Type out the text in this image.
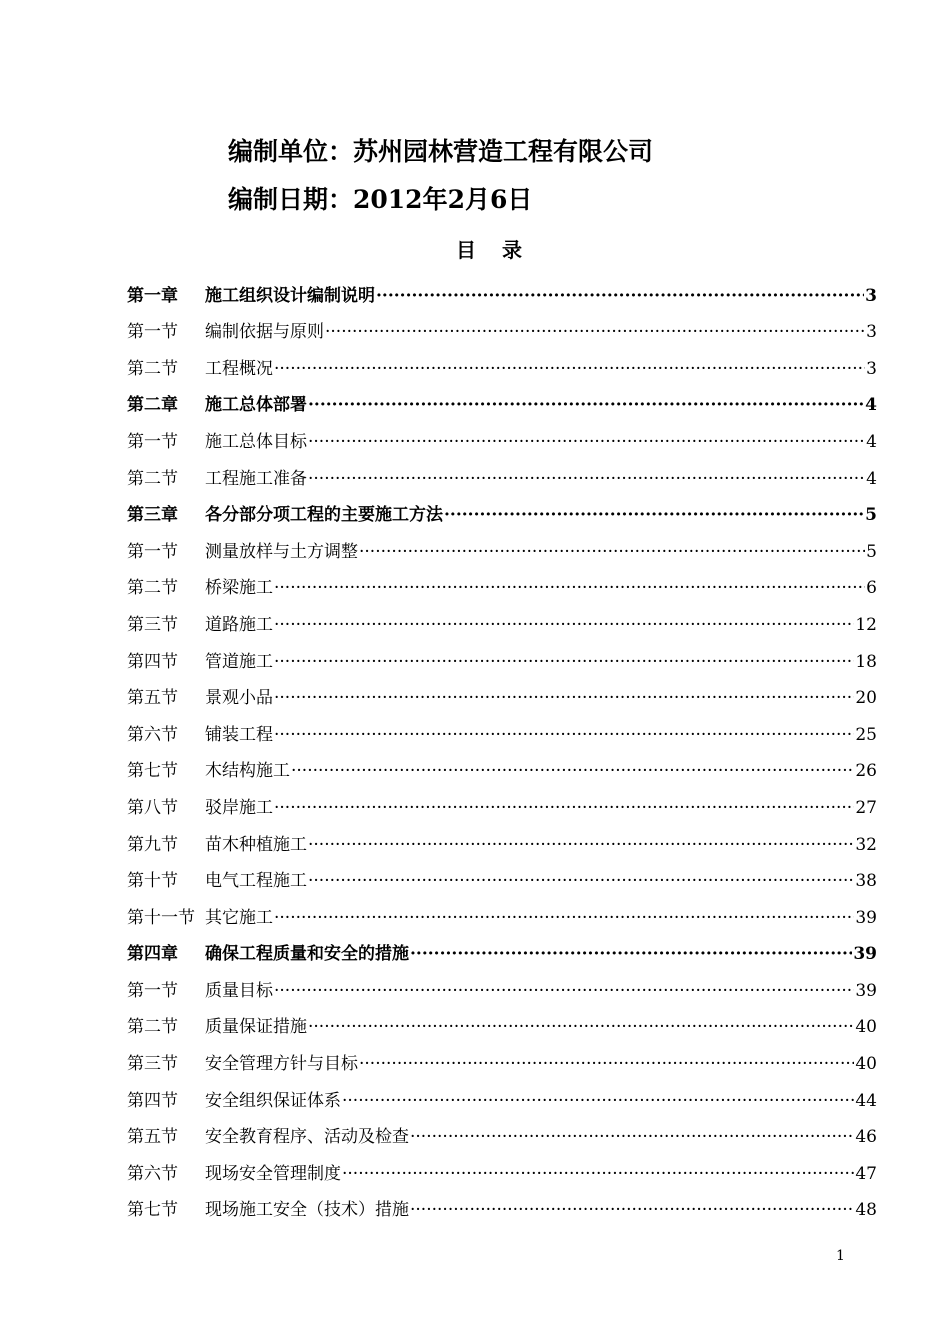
编制单位：苏州园林营造工程有限公司
编制日期：2012年2月6日
目录
第一章	施工组织设计编制说明 ·····	3
第一节	编制依据与原则 ·····	3
第二节	工程概况 ·····	3
第二章	施工总体部署 ·····	4
第一节	施工总体目标 ·····	4
第二节	工程施工准备 ·····	4
第三章	各分部分项工程的主要施工方法 ·····	5
第一节	测量放样与土方调整 ·····	5
第二节	桥梁施工 ·····	6
第三节	道路施工 ·····	12
第四节	管道施工 ·····	18
第五节	景观小品 ·····	20
第六节	铺装工程 ·····	25
第七节	木结构施工 ·····	26
第八节	驳岸施工 ·····	27
第九节	苗木种植施工 ·····	32
第十节	电气工程施工 ·····	38
第十一节 其它施工 ·····	39
第四章	确保工程质量和安全的措施 ·····	39
第一节	质量目标 ·····	39
第二节	质量保证措施 ·····	40
第三节	安全管理方针与目标 ·····	40
第四节	安全组织保证体系 ·····	44
第五节	安全教育程序、活动及检查 ·····	46
第六节	现场安全管理制度 ·····	47
第七节	现场施工安全（技术）措施 ·····	48
1
